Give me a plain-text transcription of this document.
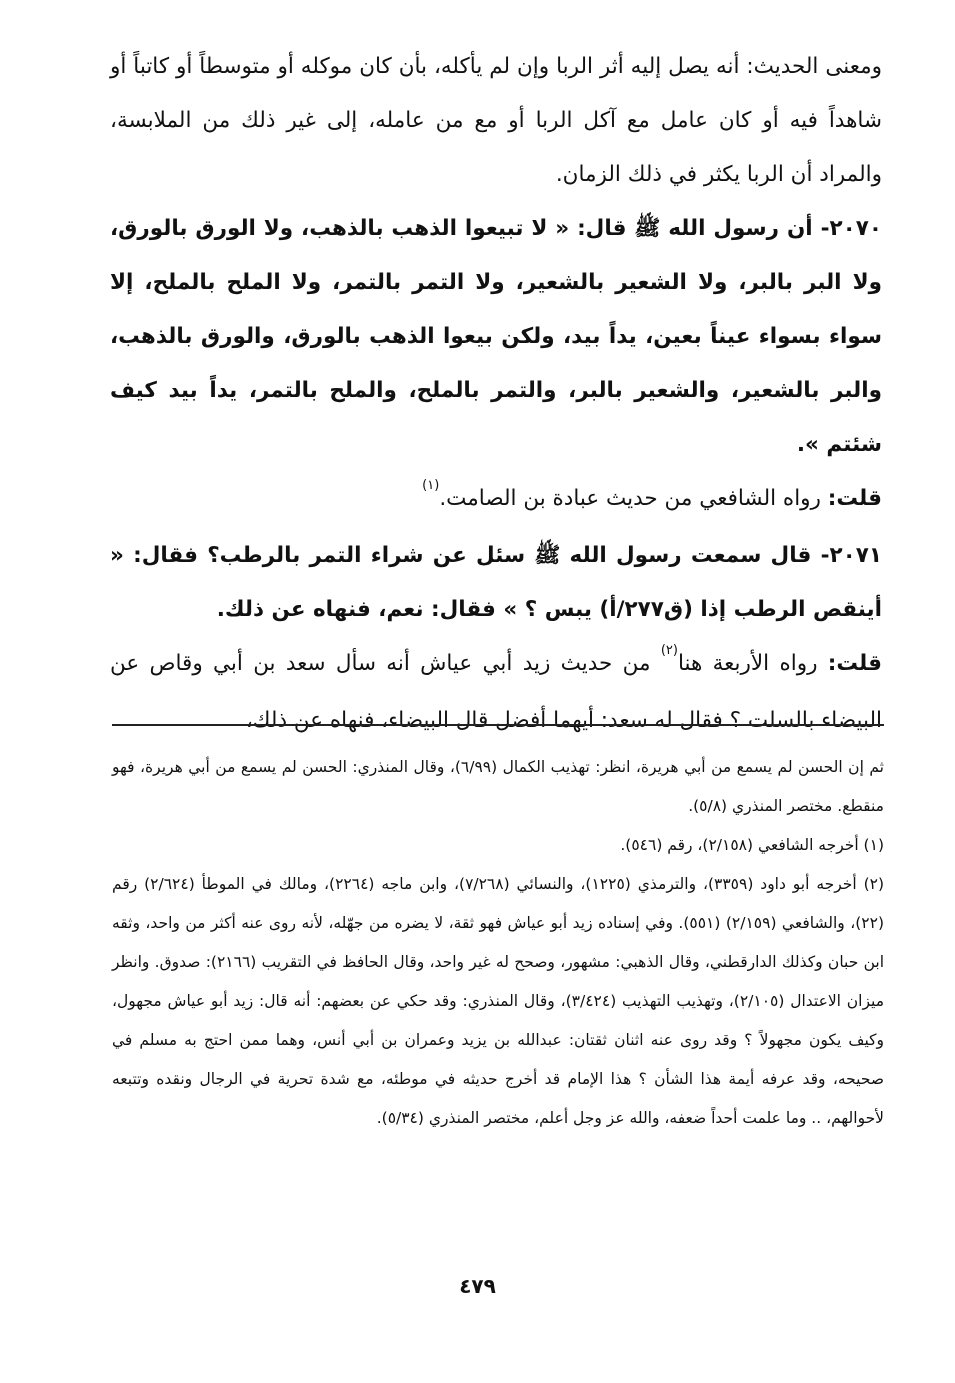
ومعنى الحديث: أنه يصل إليه أثر الربا وإن لم يأكله، بأن كان موكله أو متوسطاً أو كاتباً أو شاهداً فيه أو كان عامل مع آكل الربا أو مع من عامله، إلى غير ذلك من الملابسة، والمراد أن الربا يكثر في ذلك الزمان.

٢٠٧٠- أن رسول الله ﷺ قال: « لا تبيعوا الذهب بالذهب، ولا الورق بالورق، ولا البر بالبر، ولا الشعير بالشعير، ولا التمر بالتمر، ولا الملح بالملح، إلا سواء بسواء عيناً بعين، يداً بيد، ولكن بيعوا الذهب بالورق، والورق بالذهب، والبر بالشعير، والشعير بالبر، والتمر بالملح، والملح بالتمر، يداً بيد كيف شئتم ».

قلت: رواه الشافعي من حديث عبادة بن الصامت.$^{(١)}$

٢٠٧١- قال سمعت رسول الله ﷺ سئل عن شراء التمر بالرطب؟ فقال: « أينقص الرطب إذا (ق٢٧٧/أ) يبس ؟ » فقال: نعم، فنهاه عن ذلك.

قلت: رواه الأربعة هنا$^{(٢)}$ من حديث زيد أبي عياش أنه سأل سعد بن أبي وقاص عن البيضاء بالسلت ؟ فقال له سعد: أيهما أفضل قال البيضاء، فنهاه عن ذلك،

ثم إن الحسن لم يسمع من أبي هريرة، انظر: تهذيب الكمال (٦/٩٩)، وقال المنذري: الحسن لم يسمع من أبي هريرة، فهو منقطع. مختصر المنذري (٥/٨).

(١) أخرجه الشافعي (٢/١٥٨)، رقم (٥٤٦).

(٢) أخرجه أبو داود (٣٣٥٩)، والترمذي (١٢٢٥)، والنسائي (٧/٢٦٨)، وابن ماجه (٢٢٦٤)، ومالك في الموطأ (٢/٦٢٤) رقم (٢٢)، والشافعي (٢/١٥٩) (٥٥١). وفي إسناده زيد أبو عياش فهو ثقة، لا يضره من جهّله، لأنه روى عنه أكثر من واحد، وثقه ابن حبان وكذلك الدارقطني، وقال الذهبي: مشهور، وصحح له غير واحد، وقال الحافظ في التقريب (٢١٦٦): صدوق. وانظر ميزان الاعتدال (٢/١٠٥)، وتهذيب التهذيب (٣/٤٢٤)، وقال المنذري: وقد حكي عن بعضهم: أنه قال: زيد أبو عياش مجهول، وكيف يكون مجهولاً ؟ وقد روى عنه اثنان ثقتان: عبدالله بن يزيد وعمران بن أبي أنس، وهما ممن احتج به مسلم في صحيحه، وقد عرفه أيمة هذا الشأن ؟ هذا الإمام قد أخرج حديثه في موطئه، مع شدة تحرية في الرجال ونقده وتتبعه لأحوالهم، .. وما علمت أحداً ضعفه، والله عز وجل أعلم، مختصر المنذري (٥/٣٤).

٤٧٩
